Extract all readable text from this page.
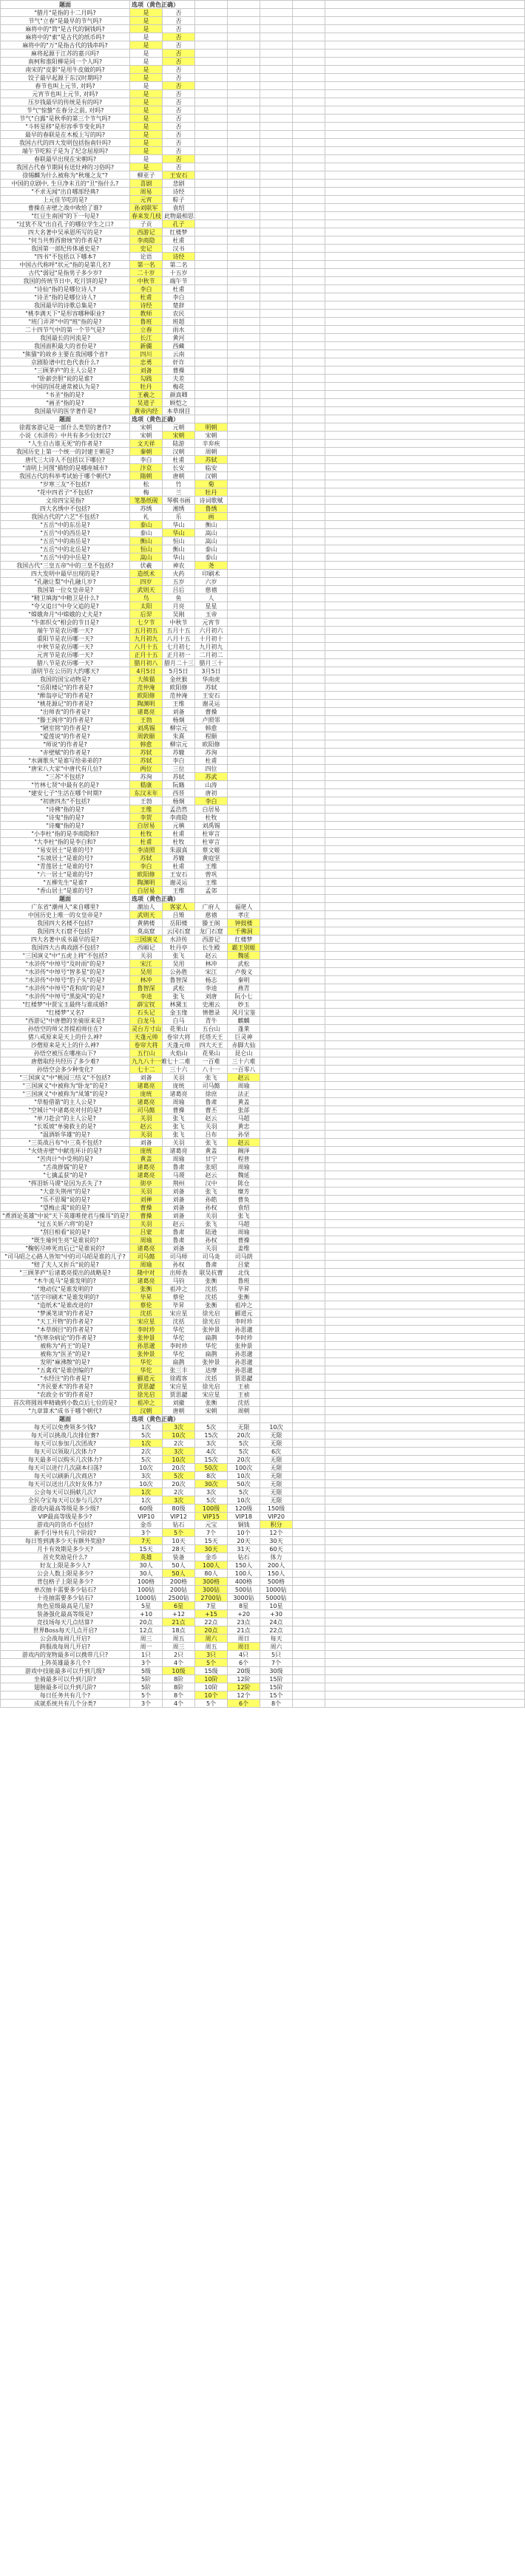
题面	选项（黄色正确）						
"腊月"是指的十二月吗?	是	否					
节气"立春"是最早的节气吗?	是	否					
麻将中的"筒"是古代的铜钱吗?	是	否					
麻将中的"索"是古代的纸币吗?	是	否					
麻将中的"万"是指古代的钱串吗?	是	否					
麻将起源于江苏的嘉兴吗?	是	否					
南柯和淮阳柳是同一个人吗?	是	否					
南宋的"皮影"是用牛皮做的吗?	是	否					
饺子最早起源于东汉时期吗?	是	否					
春节也叫上元节, 对吗?	是	否					
元宵节也叫上元节, 对吗?	是	否					
压岁钱最早的传统是有的吗?	是	否					
节气"惊蛰"在春分之前, 对吗?	是	否					
节气"白露"是秋季的第三个节气吗?	是	否					
"斗转星移"是形容季节变化吗?	是	否					
最早的春联是在木板上写的吗?	是	否					
我国古代的四大发明包括指南针吗?	是	否					
端午节吃粽子是为了纪念屈原吗?	是	否					
春联最早出现在宋朝吗?	是	否					
我国古代春节期间有送灶神的习俗吗?	是	否					
徐锡麟为什么被称为"秋瑾之友"?	柳亚子	王安石					
中国的京剧中, 生旦净末丑的"丑"指什么?	喜剧	悲剧					
"不求无闻"出自哪部经典?	周易	诗经					
上元佳节吃的是?	元宵	粽子					
曹操在赤壁之战中败给了谁?	孙刘联军	袁绍					
"红豆生南国"的下一句是?	春来发几枝	此物最相思					
"过犹不及"出自孔子的哪位学生之口?	子贡	孔子					
四大名著中吴承恩所写的是?	西游记	红楼梦					
"何当共剪西窗烛"的作者是?	李商隐	杜甫					
我国第一部纪传体通史是?	史记	汉书					
"四书"不包括以下哪本?	论语	诗经					
中国古代称呼"状元"指的是第几名?	第一名	第二名					
古代"弱冠"是指男子多少岁?	二十岁	十五岁					
我国的传统节日中, 吃月饼的是?	中秋节	端午节					
"诗仙"指的是哪位诗人?	李白	杜甫					
"诗圣"指的是哪位诗人?	杜甫	李白					
我国最早的诗歌总集是?	诗经	楚辞					
"桃李满天下"是形容哪种职业?	教师	农民					
"班门弄斧"中的"班"指的是?	鲁班	班超					
二十四节气中的第一个节气是?	立春	雨水					
我国最长的河流是?	长江	黄河					
我国面积最大的省份是?	新疆	西藏					
"熊猫"的故乡主要在我国哪个省?	四川	云南					
京剧脸谱中红色代表什么?	忠勇	奸诈					
"三顾茅庐"的主人公是?	刘备	曹操					
"卧薪尝胆"说的是谁?	勾践	夫差					
中国的国花通常被认为是?	牡丹	梅花					
"书圣"指的是?	王羲之	颜真卿					
"画圣"指的是?	吴道子	顾恺之					
我国最早的医学著作是?	黄帝内经	本草纲目					
题面	选项（黄色正确）						
徐霞客游记是一部什么类型的著作?	宋朝	元朝	明朝				
小说《水浒传》中共有多少位好汉?	宋朝	宋朝	宋朝				
"人生自古谁无死"的作者是?	文天祥	陆游	辛弃疾				
我国历史上第一个统一的封建王朝是?	秦朝	汉朝	周朝				
唐代三大诗人不包括以下哪位?	李白	杜甫	苏轼				
"清明上河图"描绘的是哪座城市?	汴京	长安	临安				
我国古代的科举考试始于哪个朝代?	隋朝	唐朝	汉朝				
"岁寒三友"不包括?	松	竹	菊				
"花中四君子"不包括?	梅	兰	牡丹				
文房四宝是指?	笔墨纸砚	琴棋书画	诗词歌赋				
四大名绣中不包括?	苏绣	湘绣	鲁绣				
我国古代的"六艺"不包括?	礼	乐	画				
"五岳"中的东岳是?	泰山	华山	衡山				
"五岳"中的西岳是?	泰山	华山	嵩山				
"五岳"中的南岳是?	衡山	恒山	嵩山				
"五岳"中的北岳是?	恒山	衡山	泰山				
"五岳"中的中岳是?	嵩山	华山	泰山				
我国古代"三皇五帝"中的三皇不包括?	伏羲	神农	尧				
四大发明中最早出现的是?	造纸术	火药	印刷术				
"孔融让梨"中孔融几岁?	四岁	五岁	六岁				
我国第一位女皇帝是?	武则天	吕后	慈禧				
"精卫填海"中精卫是什么?	鸟	鱼	人				
"夸父追日"中夸父追的是?	太阳	月亮	星星				
"嫦娥奔月"中嫦娥的丈夫是?	后羿	吴刚	玉帝				
"牛郎织女"相会的节日是?	七夕节	中秋节	元宵节				
端午节是农历哪一天?	五月初五	五月十五	六月初六				
重阳节是农历哪一天?	九月初九	八月十五	十月初十				
中秋节是农历哪一天?	八月十五	七月初七	九月初九				
元宵节是农历哪一天?	正月十五	正月初一	二月初二				
腊八节是农历哪一天?	腊月初八	腊月二十三	腊月三十				
清明节在公历的大约哪天?	4月5日	5月5日	3月5日				
我国的国宝动物是?	大熊猫	金丝猴	华南虎				
"岳阳楼记"的作者是?	范仲淹	欧阳修	苏轼				
"醉翁亭记"的作者是?	欧阳修	范仲淹	王安石				
"桃花源记"的作者是?	陶渊明	王维	谢灵运				
"出师表"的作者是?	诸葛亮	刘备	曹操				
"滕王阁序"的作者是?	王勃	杨炯	卢照邻				
"陋室铭"的作者是?	刘禹锡	柳宗元	韩愈				
"爱莲说"的作者是?	周敦颐	朱熹	程颐				
"师说"的作者是?	韩愈	柳宗元	欧阳修				
"赤壁赋"的作者是?	苏轼	苏辙	苏洵				
"水调歌头"是谁写给弟弟的?	苏轼	李白	杜甫				
"唐宋八大家"中唐代有几位?	两位	三位	四位				
"三苏"不包括?	苏洵	苏轼	苏武				
"竹林七贤"中最有名的是?	嵇康	阮籍	山涛				
"建安七子"生活在哪个时期?	东汉末年	西晋	唐初				
"初唐四杰"不包括?	王勃	杨炯	李白				
"诗佛"指的是?	王维	孟浩然	白居易				
"诗鬼"指的是?	李贺	李商隐	杜牧				
"诗魔"指的是?	白居易	元稹	刘禹锡				
"小李杜"指的是李商隐和?	杜牧	杜甫	杜审言				
"大李杜"指的是李白和?	杜甫	杜牧	杜审言				
"易安居士"是谁的号?	李清照	朱淑真	蔡文姬				
"东坡居士"是谁的号?	苏轼	苏辙	黄庭坚				
"青莲居士"是谁的号?	李白	杜甫	王维				
"六一居士"是谁的号?	欧阳修	王安石	曾巩				
"五柳先生"是谁?	陶渊明	谢灵运	王维				
"香山居士"是谁的号?	白居易	王维	孟郊				
题面	选项（黄色正确）						
广东省"潮州人"来自哪里?	潮汕人	客家人	广府人	福佬人			
中国历史上唯一的女皇帝是?	武则天	吕雉	慈禧	孝庄			
我国四大名楼不包括?	黄鹤楼	岳阳楼	滕王阁	钟鼓楼			
我国四大石窟不包括?	莫高窟	云冈石窟	龙门石窟	千佛洞			
四大名著中成书最早的是?	三国演义	水浒传	西游记	红楼梦			
我国四大古典戏剧不包括?	西厢记	牡丹亭	长生殿	霸王别姬			
"三国演义"中"五虎上将"不包括?	关羽	张飞	赵云	魏延			
"水浒传"中绰号"及时雨"的是?	宋江	吴用	林冲	武松			
"水浒传"中绰号"智多星"的是?	吴用	公孙胜	宋江	卢俊义			
"水浒传"中绰号"豹子头"的是?	林冲	鲁智深	杨志	秦明			
"水浒传"中绰号"花和尚"的是?	鲁智深	武松	李逵	燕青			
"水浒传"中绰号"黑旋风"的是?	李逵	张飞	刘唐	阮小七			
"红楼梦"中贾宝玉最终与谁成婚?	薛宝钗	林黛玉	史湘云	妙玉			
"红楼梦"又名?	石头记	金玉缘	情僧录	风月宝鉴			
"西游记"中唐僧的坐骑原来是?	白龙马	白马	青牛	麒麟			
孙悟空的师父菩提祖师住在?	灵台方寸山	花果山	五台山	蓬莱			
猪八戒原来是天上的什么神?	天蓬元帅	卷帘大将	托塔天王	巨灵神			
沙僧原来是天上的什么神?	卷帘大将	天蓬元帅	四大天王	赤脚大仙			
孙悟空被压在哪座山下?	五行山	火焰山	花果山	昆仑山			
唐僧取经共经历了多少难?	九九八十一难	七十二难	一百难	三十六难			
孙悟空会多少种变化?	七十二	三十六	八十一	一百零八			
"三国演义"中"桃园三结义"不包括?	刘备	关羽	张飞	赵云			
"三国演义"中被称为"卧龙"的是?	诸葛亮	庞统	司马懿	周瑜			
"三国演义"中被称为"凤雏"的是?	庞统	诸葛亮	徐庶	法正			
"草船借箭"的主人公是?	诸葛亮	周瑜	鲁肃	黄盖			
"空城计"中诸葛亮对付的是?	司马懿	曹操	曹丕	张郃			
"单刀赴会"的主人公是?	关羽	张飞	赵云	马超			
"长坂坡"单骑救主的是?	赵云	张飞	关羽	黄忠			
"温酒斩华雄"的是?	关羽	张飞	吕布	孙坚			
"三英战吕布"中三英不包括?	刘备	关羽	张飞	赵云			
"火烧赤壁"中献连环计的是?	庞统	诸葛亮	黄盖	阚泽			
"苦肉计"中受刑的是?	黄盖	周瑜	甘宁	程普			
"舌战群儒"的是?	诸葛亮	鲁肃	张昭	周瑜			
"七擒孟获"的是?	诸葛亮	马谡	赵云	魏延			
"挥泪斩马谡"是因为丢失了?	街亭	荆州	汉中	陈仓			
"大意失荆州"的是?	关羽	刘备	张飞	糜芳			
"乐不思蜀"说的是?	刘禅	刘备	孙皓	曹奂			
"望梅止渴"说的是?	曹操	刘备	孙权	袁绍			
"煮酒论英雄"中说"天下英雄唯使君与操耳"的是?	曹操	刘备	关羽	张飞			
"过五关斩六将"的是?	关羽	赵云	张飞	马超			
"刮目相看"说的是?	吕蒙	鲁肃	陆逊	周瑜			
"既生瑜何生亮"是谁说的?	周瑜	鲁肃	孙权	曹操			
"鞠躬尽瘁死而后已"是谁说的?	诸葛亮	刘备	关羽	姜维			
"司马昭之心路人皆知"中的司马昭是谁的儿子?	司马懿	司马师	司马炎	司马朗			
"赔了夫人又折兵"说的是?	周瑜	孙权	鲁肃	吕蒙			
"三顾茅庐"后诸葛亮提出的战略是?	隆中对	出师表	联吴抗曹	北伐			
"木牛流马"是谁发明的?	诸葛亮	马钧	张衡	鲁班			
"地动仪"是谁发明的?	张衡	祖冲之	沈括	毕昇			
"活字印刷术"是谁发明的?	毕昇	蔡伦	沈括	张衡			
"造纸术"是谁改进的?	蔡伦	毕昇	张衡	祖冲之			
"梦溪笔谈"的作者是?	沈括	宋应星	徐光启	郦道元			
"天工开物"的作者是?	宋应星	沈括	徐光启	李时珍			
"本草纲目"的作者是?	李时珍	华佗	张仲景	孙思邈			
"伤寒杂病论"的作者是?	张仲景	华佗	扁鹊	李时珍			
被称为"药王"的是?	孙思邈	李时珍	华佗	张仲景			
被称为"医圣"的是?	张仲景	华佗	扁鹊	孙思邈			
发明"麻沸散"的是?	华佗	扁鹊	张仲景	孙思邈			
"五禽戏"是谁创编的?	华佗	张三丰	达摩	孙思邈			
"水经注"的作者是?	郦道元	徐霞客	沈括	贾思勰			
"齐民要术"的作者是?	贾思勰	宋应星	徐光启	王祯			
"农政全书"的作者是?	徐光启	贾思勰	宋应星	王祯			
首次将圆周率精确到小数点后七位的是?	祖冲之	刘徽	张衡	沈括			
"九章算术"成书于哪个朝代?	汉朝	唐朝	宋朝	周朝			
题面	选项（黄色正确）						
每天可以免费领多少钱?	1次	3次	5次	无限	10次		
每天可以挑战几次排位赛?	5次	10次	15次	20次	无限		
每天可以参加几次团战?	1次	2次	3次	5次	无限		
每天可以领取几次体力?	2次	3次	4次	5次	6次		
每天最多可以购买几次体力?	5次	10次	15次	20次	无限		
每天可以进行几次副本扫荡?	10次	20次	50次	100次	无限		
每天可以刷新几次商店?	3次	5次	8次	10次	无限		
每天可以送出几次好友体力?	10次	20次	30次	50次	无限		
公会每天可以捐献几次?	1次	2次	3次	5次	无限		
全民夺宝每天可以参与几次?	1次	3次	5次	10次	无限		
游戏内最高等级是多少级?	60级	80级	100级	120级	150级		
VIP最高等级是多少?	VIP10	VIP12	VIP15	VIP18	VIP20		
游戏内的货币不包括?	金币	钻石	元宝	铜钱	积分		
新手引导共有几个阶段?	3个	5个	7个	10个	12个		
每日签到满多少天有额外奖励?	7天	10天	15天	20天	30天		
月卡有效期是多少天?	15天	28天	30天	31天	60天		
首充奖励是什么?	英雄	装备	金币	钻石	体力		
好友上限是多少人?	30人	50人	100人	150人	200人		
公会人数上限是多少?	30人	50人	80人	100人	150人		
背包格子上限是多少?	100格	200格	300格	400格	500格		
单次抽卡需要多少钻石?	100钻	200钻	300钻	500钻	1000钻		
十连抽需要多少钻石?	1000钻	2500钻	2700钻	3000钻	5000钻		
角色星级最高是几星?	5星	6星	7星	8星	10星		
装备强化最高等级是?	+10	+12	+15	+20	+30		
竞技场每天几点结算?	20点	21点	22点	23点	24点		
世界Boss每天几点开启?	12点	18点	20点	21点	22点		
公会战每周几开启?	周三	周五	周六	周日	每天		
跨服战每周几开启?	周一	周三	周五	周日	周六		
游戏内的宠物最多可以携带几只?	1只	2只	3只	4只	5只		
上阵英雄最多几个?	3个	4个	5个	6个	7个		
游戏中技能最多可以升到几级?	5级	10级	15级	20级	30级		
坐骑最多可以升到几阶?	5阶	8阶	10阶	12阶	15阶		
翅膀最多可以升到几阶?	5阶	8阶	10阶	12阶	15阶		
每日任务共有几个?	5个	8个	10个	12个	15个		
成就系统共有几个分类?	3个	4个	5个	6个	8个		
